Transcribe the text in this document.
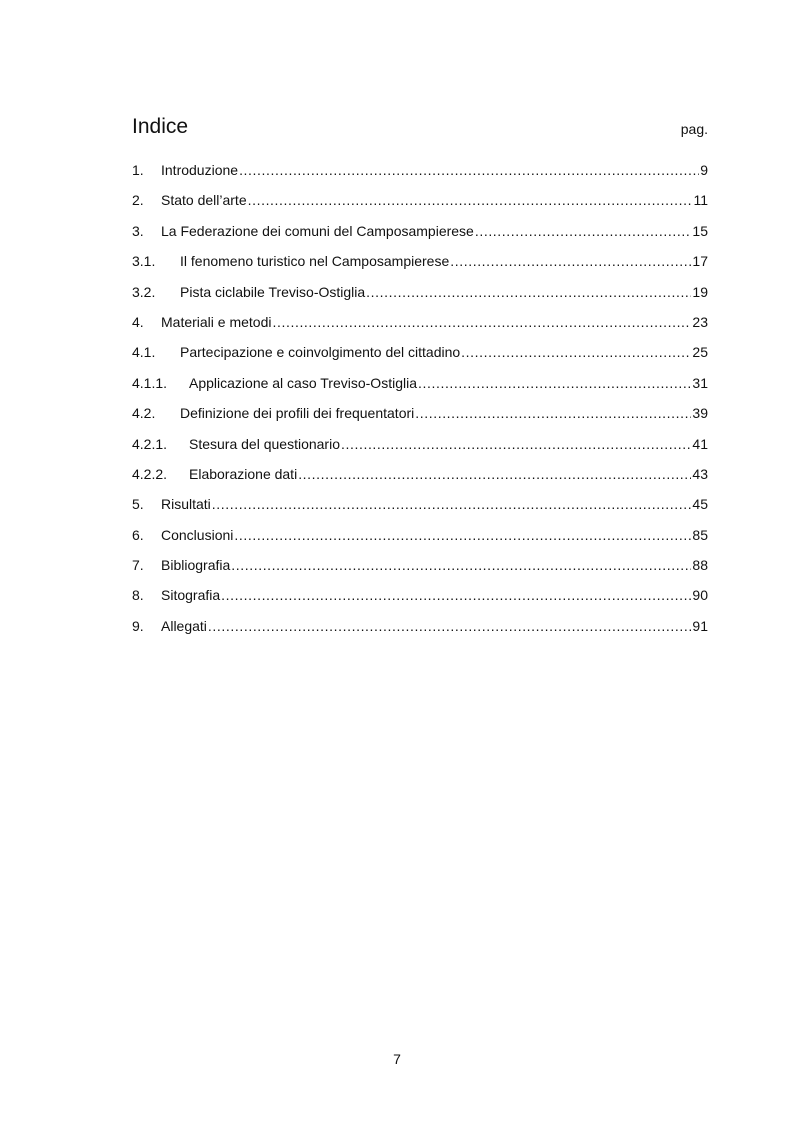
Indice	pag.
1.	Introduzione .....	9
2.	Stato dell’arte .....	11
3.	La Federazione dei comuni del Camposampierese .....	15
3.1.	Il fenomeno turistico nel Camposampierese .....	17
3.2.	Pista ciclabile Treviso-Ostiglia .....	19
4.	Materiali e metodi .....	23
4.1.	Partecipazione e coinvolgimento del cittadino .....	25
4.1.1.	Applicazione al caso Treviso-Ostiglia .....	31
4.2.	Definizione dei profili dei frequentatori .....	39
4.2.1.	Stesura del questionario .....	41
4.2.2.	Elaborazione dati .....	43
5.	Risultati .....	45
6.	Conclusioni .....	85
7.	Bibliografia .....	88
8.	Sitografia .....	90
9.	Allegati .....	91
7
